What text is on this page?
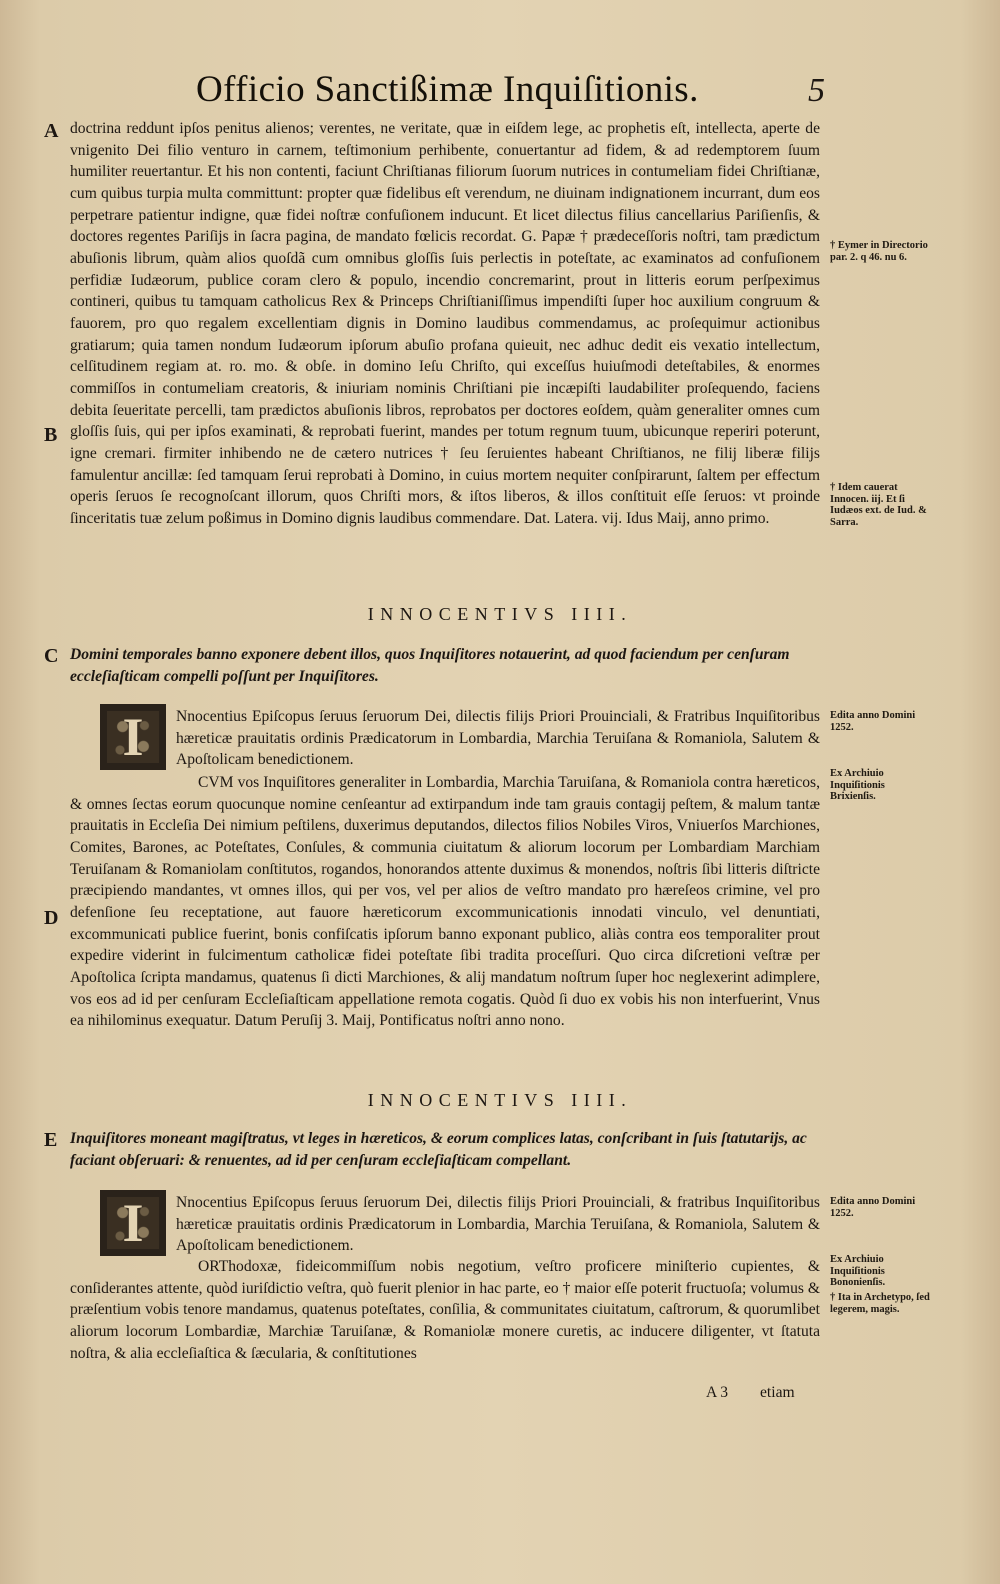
Officio Sanctißimæ Inquiſitionis.	5
A
B
C
D
E

doctrina reddunt ipſos penitus alienos; verentes, ne veritate, quæ in eiſdem lege, ac prophetis eſt, intellecta, aperte de vnigenito Dei filio venturo in carnem, teſtimonium perhibente, conuertantur ad fidem, & ad redemptorem ſuum humiliter reuertantur. Et his non contenti, faciunt Chriſtianas filiorum ſuorum nutrices in contumeliam fidei Chriſtianæ, cum quibus turpia multa committunt: propter quæ fidelibus eſt verendum, ne diuinam indignationem incurrant, dum eos perpetrare patientur indigne, quæ fidei noſtræ confuſionem inducunt. Et licet dilectus filius cancellarius Pariſienſis, & doctores regentes Pariſijs in ſacra pagina, de mandato fœlicis recordat. G. Papæ † prædeceſſoris noſtri, tam prædictum abuſionis librum, quàm alios quoſdã cum omnibus gloſſis ſuis perlectis in poteſtate, ac examinatos ad confuſionem perfidiæ Iudæorum, publice coram clero & populo, incendio concremarint, prout in litteris eorum perſpeximus contineri, quibus tu tamquam catholicus Rex & Princeps Chriſtianiſſimus impendiſti ſuper hoc auxilium congruum & fauorem, pro quo regalem excellentiam dignis in Domino laudibus commendamus, ac proſequimur actionibus gratiarum; quia tamen nondum Iudæorum ipſorum abuſio profana quieuit, nec adhuc dedit eis vexatio intellectum, celſitudinem regiam at. ro. mo. & obſe. in domino Ieſu Chriſto, qui exceſſus huiuſmodi deteſtabiles, & enormes commiſſos in contumeliam creatoris, & iniuriam nominis Chriſtiani pie incæpiſti laudabiliter proſequendo, faciens debita ſeueritate percelli, tam prædictos abuſionis libros, reprobatos per doctores eoſdem, quàm generaliter omnes cum gloſſis ſuis, qui per ipſos examinati, & reprobati fuerint, mandes per totum regnum tuum, ubicunque reperiri poterunt, igne cremari. firmiter inhibendo ne de cætero nutrices † ſeu ſeruientes habeant Chriſtianos, ne filij liberæ filijs famulentur ancillæ: ſed tamquam ſerui reprobati à Domino, in cuius mortem nequiter conſpirarunt, ſaltem per effectum operis ſeruos ſe recognoſcant illorum, quos Chriſti mors, & iſtos liberos, & illos conſtituit eſſe ſeruos: vt proinde ſinceritatis tuæ zelum poßimus in Domino dignis laudibus commendare. Dat. Latera. vij. Idus Maij, anno primo.

INNOCENTIVS IIII.

Domini temporales banno exponere debent illos, quos Inquiſitores notauerint, ad quod faciendum per cenſuram eccleſiaſticam compelli poſſunt per Inquiſitores.

I	Nnocentius Epiſcopus ſeruus ſeruorum Dei, dilectis filijs Priori Prouinciali, & Fratribus Inquiſitoribus hæreticæ prauitatis ordinis Prædicatorum in Lombardia, Marchia Teruiſana & Romaniola, Salutem & Apoſtolicam benedictionem.

CVM vos Inquiſitores generaliter in Lombardia, Marchia Taruiſana, & Romaniola contra hæreticos, & omnes ſectas eorum quocunque nomine cenſeantur ad extirpandum inde tam grauis contagij peſtem, & malum tantæ prauitatis in Eccleſia Dei nimium peſtilens, duxerimus deputandos, dilectos filios Nobiles Viros, Vniuerſos Marchiones, Comites, Barones, ac Poteſtates, Conſules, & communia ciuitatum & aliorum locorum per Lombardiam Marchiam Teruiſanam & Romaniolam conſtitutos, rogandos, honorandos attente duximus & monendos, noſtris ſibi litteris diſtricte præcipiendo mandantes, vt omnes illos, qui per vos, vel per alios de veſtro mandato pro hæreſeos crimine, vel pro defenſione ſeu receptatione, aut fauore hæreticorum excommunicationis innodati vinculo, vel denuntiati, excommunicati publice fuerint, bonis confiſcatis ipſorum banno exponant publico, aliàs contra eos temporaliter prout expedire viderint in fulcimentum catholicæ fidei poteſtate ſibi tradita proceſſuri. Quo circa diſcretioni veſtræ per Apoſtolica ſcripta mandamus, quatenus ſi dicti Marchiones, & alij mandatum noſtrum ſuper hoc neglexerint adimplere, vos eos ad id per cenſuram Eccleſiaſticam appellatione remota cogatis. Quòd ſi duo ex vobis his non interfuerint, Vnus ea nihilominus exequatur. Datum Peruſij 3. Maij, Pontificatus noſtri anno nono.

INNOCENTIVS IIII.

Inquiſitores moneant magiſtratus, vt leges in hæreticos, & eorum complices latas, conſcribant in ſuis ſtatutarijs, ac faciant obſeruari: & renuentes, ad id per cenſuram eccleſiaſticam compellant.

I	Nnocentius Epiſcopus ſeruus ſeruorum Dei, dilectis filijs Priori Prouinciali, & fratribus Inquiſitoribus hæreticæ prauitatis ordinis Prædicatorum in Lombardia, Marchia Teruiſana, & Romaniola, Salutem & Apoſtolicam benedictionem.

ORThodoxæ, fideicommiſſum nobis negotium, veſtro proficere miniſterio cupientes, & conſiderantes attente, quòd iuriſdictio veſtra, quò fuerit plenior in hac parte, eo † maior eſſe poterit fructuoſa; volumus & præſentium vobis tenore mandamus, quatenus poteſtates, conſilia, & communitates ciuitatum, caſtrorum, & quorumlibet aliorum locorum Lombardiæ, Marchiæ Taruiſanæ, & Romaniolæ monere curetis, ac inducere diligenter, vt ſtatuta noſtra, & alia eccleſiaſtica & ſæcularia, & conſtitutiones

A 3 etiam
† Eymer in Directorio par. 2. q 46. nu 6.
† Idem cauerat Innocen. iij. Et ſi Iudæos ext. de Iud. & Sarra.
Edita anno Domini 1252.
Ex Archiuio Inquiſitionis Brixienſis.
Edita anno Domini 1252.
Ex Archiuio Inquiſitionis Bononienſis.
† Ita in Archetypo, ſed legerem, magis.
